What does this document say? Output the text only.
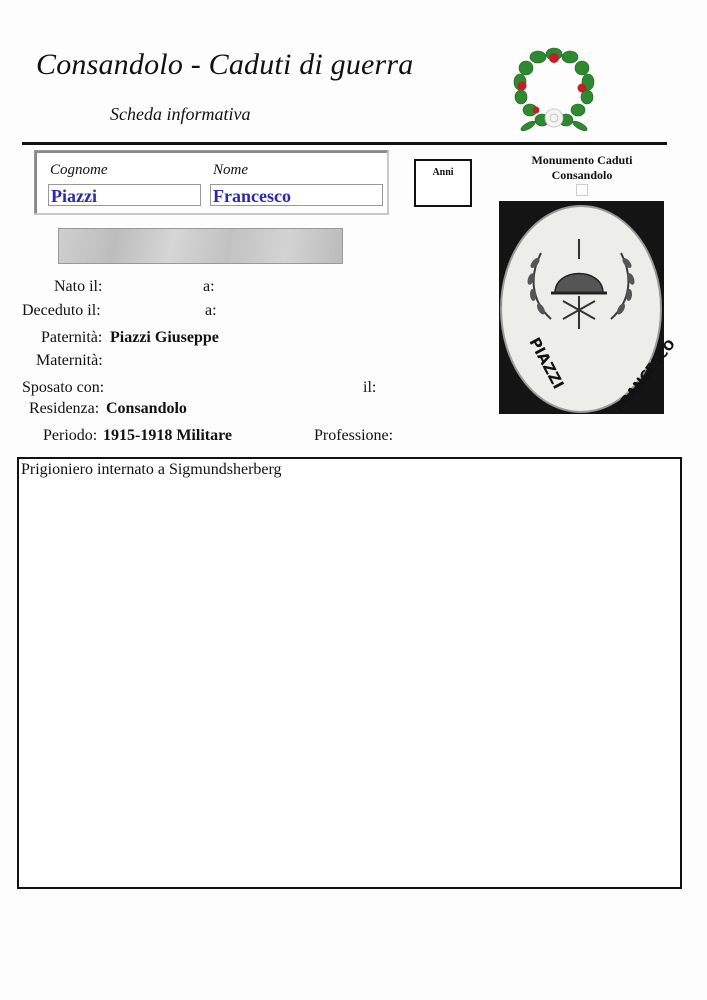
Consandolo - Caduti di guerra
Scheda informativa
Cognome	Nome
Piazzi	Francesco
Anni
Monumento Caduti
Consandolo
PIAZZI	FRANCESCO
Nato il:	a:
Deceduto il:	a:
Paternità: Piazzi Giuseppe
Maternità:
Sposato con:	il:
Residenza: Consandolo
Periodo: 1915-1918 Militare	Professione:
Prigioniero internato a Sigmundsherberg
